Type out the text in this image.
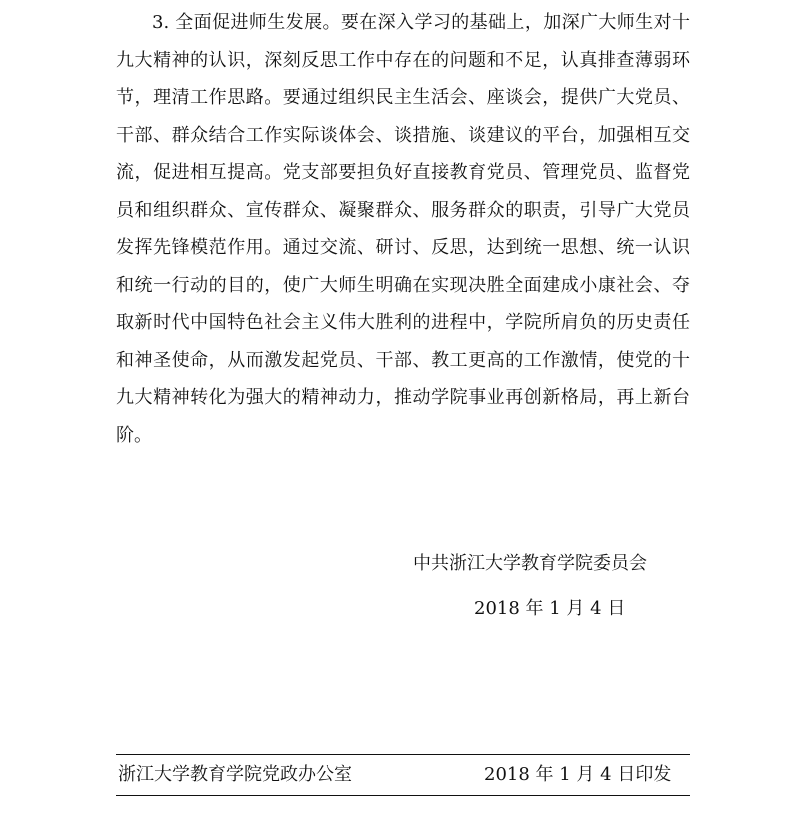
3. 全面促进师生发展。要在深入学习的基础上，加深广大师生对十九大精神的认识，深刻反思工作中存在的问题和不足，认真排查薄弱环节，理清工作思路。要通过组织民主生活会、座谈会，提供广大党员、干部、群众结合工作实际谈体会、谈措施、谈建议的平台，加强相互交流，促进相互提高。党支部要担负好直接教育党员、管理党员、监督党员和组织群众、宣传群众、凝聚群众、服务群众的职责，引导广大党员发挥先锋模范作用。通过交流、研讨、反思，达到统一思想、统一认识和统一行动的目的，使广大师生明确在实现决胜全面建成小康社会、夺取新时代中国特色社会主义伟大胜利的进程中，学院所肩负的历史责任和神圣使命，从而激发起党员、干部、教工更高的工作激情，使党的十九大精神转化为强大的精神动力，推动学院事业再创新格局，再上新台阶。

中共浙江大学教育学院委员会
2018 年 1 月 4 日
浙江大学教育学院党政办公室	2018 年 1 月 4 日印发
